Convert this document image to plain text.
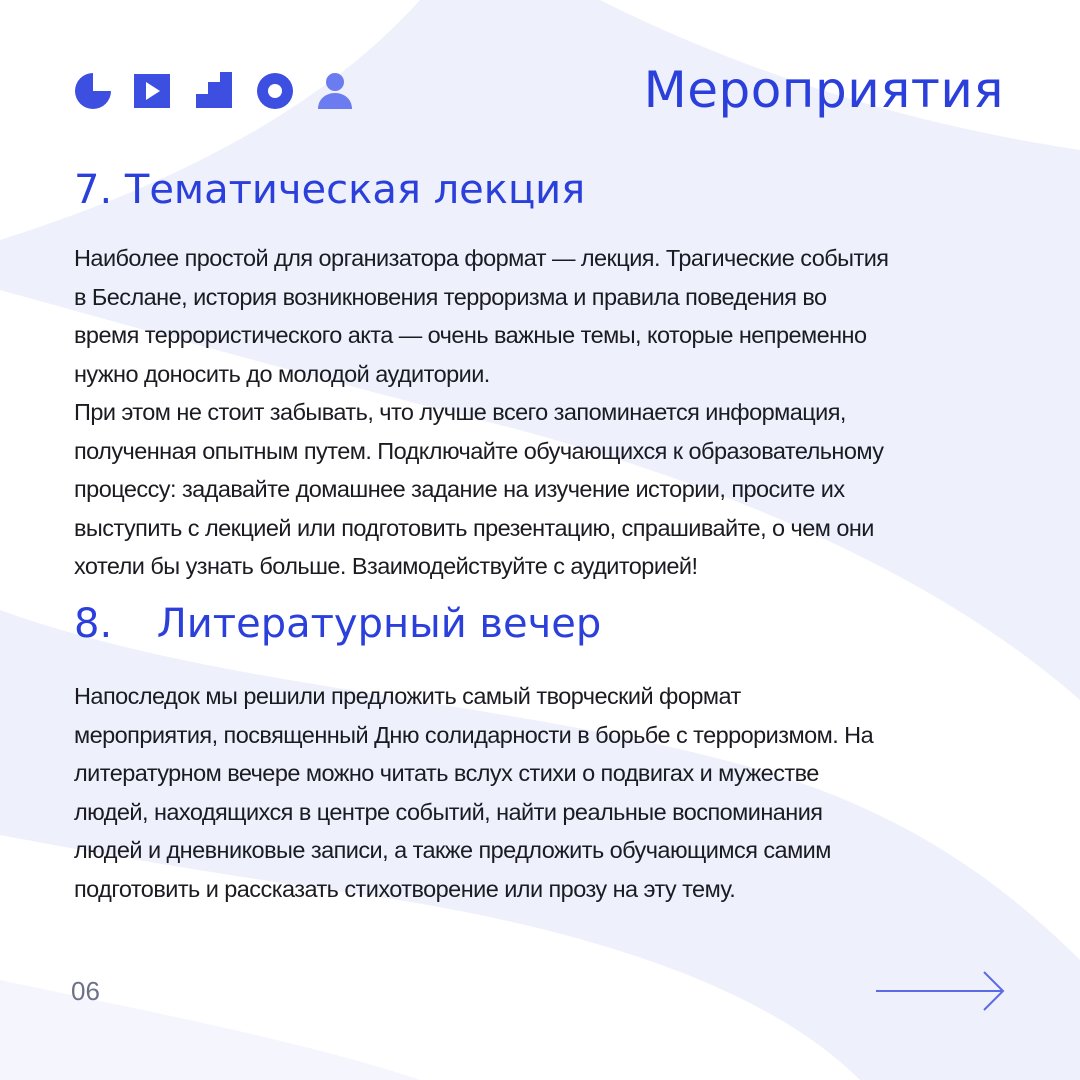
Мероприятия
7. Тематическая лекция
Наиболее простой для организатора формат — лекция. Трагические события
в Беслане, история возникновения терроризма и правила поведения во
время террористического акта — очень важные темы, которые непременно
нужно доносить до молодой аудитории.
При этом не стоит забывать, что лучше всего запоминается информация,
полученная опытным путем. Подключайте обучающихся к образовательному
процессу: задавайте домашнее задание на изучение истории, просите их
выступить с лекцией или подготовить презентацию, спрашивайте, о чем они
хотели бы узнать больше. Взаимодействуйте с аудиторией!
8. Литературный вечер
Напоследок мы решили предложить самый творческий формат
мероприятия, посвященный Дню солидарности в борьбе с терроризмом. На
литературном вечере можно читать вслух стихи о подвигах и мужестве
людей, находящихся в центре событий, найти реальные воспоминания
людей и дневниковые записи, а также предложить обучающимся самим
подготовить и рассказать стихотворение или прозу на эту тему.
06
